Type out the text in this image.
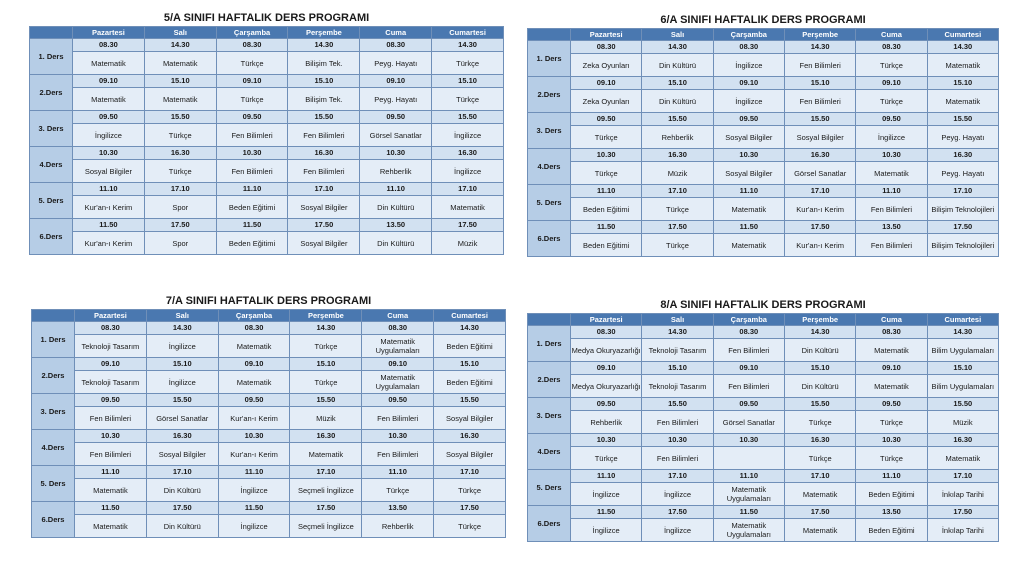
5/A SINIFI HAFTALIK DERS PROGRAMI
	Pazartesi	Salı	Çarşamba	Perşembe	Cuma	Cumartesi
1. Ders	08.30	14.30	08.30	14.30	08.30	14.30
	Matematik	Matematik	Türkçe	Bilişim Tek.	Peyg. Hayatı	Türkçe
2.Ders	09.10	15.10	09.10	15.10	09.10	15.10
	Matematik	Matematik	Türkçe	Bilişim Tek.	Peyg. Hayatı	Türkçe
3. Ders	09.50	15.50	09.50	15.50	09.50	15.50
	İngilizce	Türkçe	Fen Bilimleri	Fen Bilimleri	Görsel Sanatlar	İngilizce
4.Ders	10.30	16.30	10.30	16.30	10.30	16.30
	Sosyal Bilgiler	Türkçe	Fen Bilimleri	Fen Bilimleri	Rehberlik	İngilizce
5. Ders	11.10	17.10	11.10	17.10	11.10	17.10
	Kur'an-ı Kerim	Spor	Beden Eğitimi	Sosyal Bilgiler	Din Kültürü	Matematik
6.Ders	11.50	17.50	11.50	17.50	13.50	17.50
	Kur'an-ı Kerim	Spor	Beden Eğitimi	Sosyal Bilgiler	Din Kültürü	Müzik
6/A SINIFI HAFTALIK DERS PROGRAMI
	Pazartesi	Salı	Çarşamba	Perşembe	Cuma	Cumartesi
1. Ders	08.30	14.30	08.30	14.30	08.30	14.30
	Zeka Oyunları	Din Kültürü	İngilizce	Fen Bilimleri	Türkçe	Matematik
2.Ders	09.10	15.10	09.10	15.10	09.10	15.10
	Zeka Oyunları	Din Kültürü	İngilizce	Fen Bilimleri	Türkçe	Matematik
3. Ders	09.50	15.50	09.50	15.50	09.50	15.50
	Türkçe	Rehberlik	Sosyal Bilgiler	Sosyal Bilgiler	İngilizce	Peyg. Hayatı
4.Ders	10.30	16.30	10.30	16.30	10.30	16.30
	Türkçe	Müzik	Sosyal Bilgiler	Görsel Sanatlar	Matematik	Peyg. Hayatı
5. Ders	11.10	17.10	11.10	17.10	11.10	17.10
	Beden Eğitimi	Türkçe	Matematik	Kur'an-ı Kerim	Fen Bilimleri	Bilişim Teknolojileri
6.Ders	11.50	17.50	11.50	17.50	13.50	17.50
	Beden Eğitimi	Türkçe	Matematik	Kur'an-ı Kerim	Fen Bilimleri	Bilişim Teknolojileri
7/A SINIFI HAFTALIK DERS PROGRAMI
	Pazartesi	Salı	Çarşamba	Perşembe	Cuma	Cumartesi
1. Ders	08.30	14.30	08.30	14.30	08.30	14.30
	Teknoloji Tasarım	İngilizce	Matematik	Türkçe	Matematik Uygulamaları	Beden Eğitimi
2.Ders	09.10	15.10	09.10	15.10	09.10	15.10
	Teknoloji Tasarım	İngilizce	Matematik	Türkçe	Matematik Uygulamaları	Beden Eğitimi
3. Ders	09.50	15.50	09.50	15.50	09.50	15.50
	Fen Bilimleri	Görsel Sanatlar	Kur'an-ı Kerim	Müzik	Fen Bilimleri	Sosyal Bilgiler
4.Ders	10.30	16.30	10.30	16.30	10.30	16.30
	Fen Bilimleri	Sosyal Bilgiler	Kur'an-ı Kerim	Matematik	Fen Bilimleri	Sosyal Bilgiler
5. Ders	11.10	17.10	11.10	17.10	11.10	17.10
	Matematik	Din Kültürü	İngilizce	Seçmeli İngilizce	Türkçe	Türkçe
6.Ders	11.50	17.50	11.50	17.50	13.50	17.50
	Matematik	Din Kültürü	İngilizce	Seçmeli İngilizce	Rehberlik	Türkçe
8/A SINIFI HAFTALIK DERS PROGRAMI
	Pazartesi	Salı	Çarşamba	Perşembe	Cuma	Cumartesi
1. Ders	08.30	14.30	08.30	14.30	08.30	14.30
	Medya Okuryazarlığı	Teknoloji Tasarım	Fen Bilimleri	Din Kültürü	Matematik	Bilim Uygulamaları
2.Ders	09.10	15.10	09.10	15.10	09.10	15.10
	Medya Okuryazarlığı	Teknoloji Tasarım	Fen Bilimleri	Din Kültürü	Matematik	Bilim Uygulamaları
3. Ders	09.50	15.50	09.50	15.50	09.50	15.50
	Rehberlik	Fen Bilimleri	Görsel Sanatlar	Türkçe	Türkçe	Müzik
4.Ders	10.30	10.30	10.30	16.30	10.30	16.30
	Türkçe	Fen Bilimleri		Türkçe	Türkçe	Matematik
5. Ders	11.10	17.10	11.10	17.10	11.10	17.10
	İngilizce	İngilizce	Matematik Uygulamaları	Matematik	Beden Eğitimi	İnkılap Tarihi
6.Ders	11.50	17.50	11.50	17.50	13.50	17.50
	İngilizce	İngilizce	Matematik Uygulamaları	Matematik	Beden Eğitimi	İnkılap Tarihi
